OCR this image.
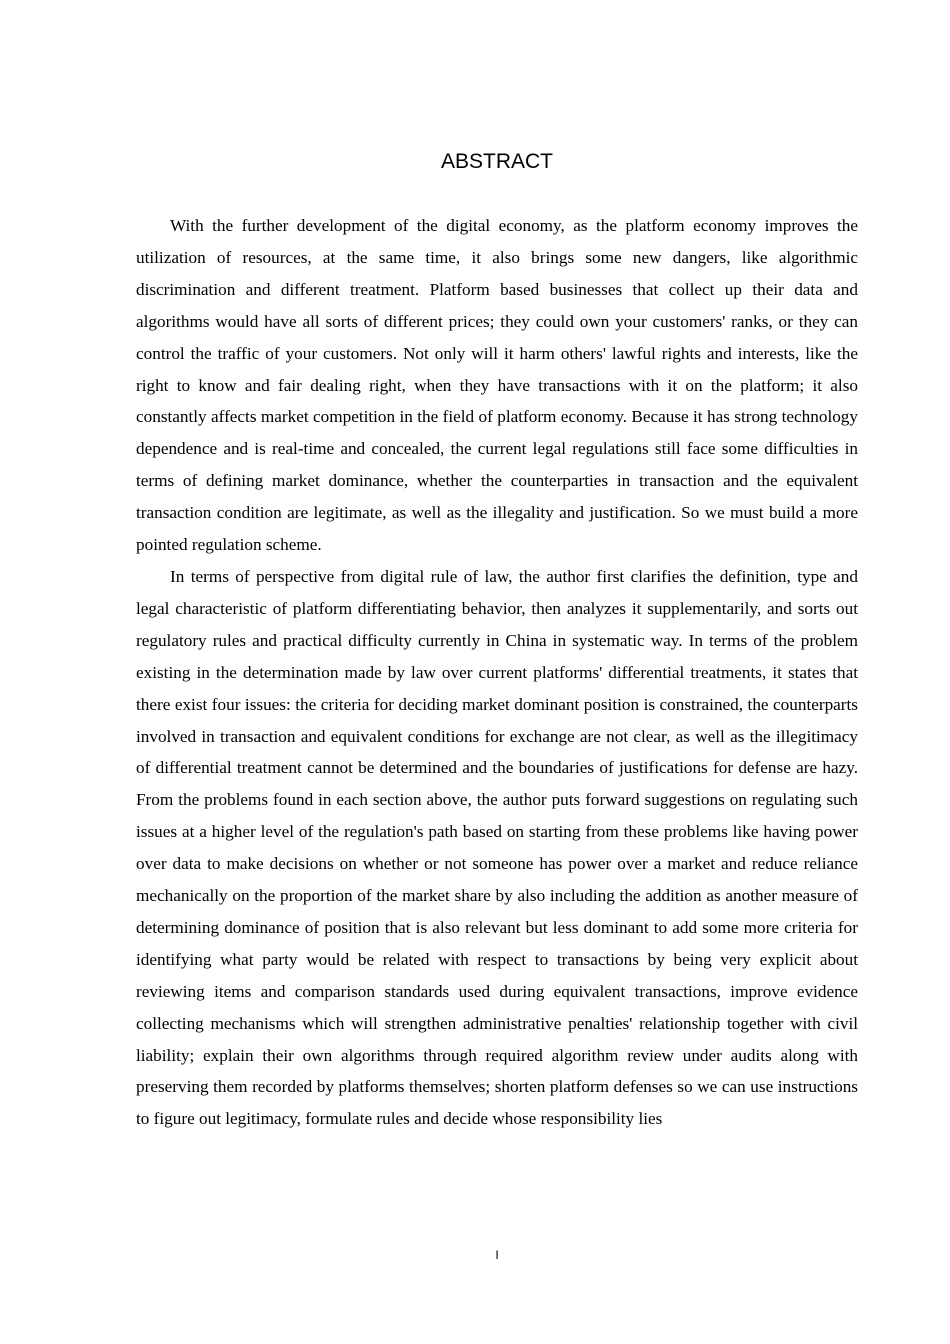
ABSTRACT

With the further development of the digital economy, as the platform economy improves the utilization of resources, at the same time, it also brings some new dangers, like algorithmic discrimination and different treatment. Platform based businesses that collect up their data and algorithms would have all sorts of different prices; they could own your customers' ranks, or they can control the traffic of your customers. Not only will it harm others' lawful rights and interests, like the right to know and fair dealing right, when they have transactions with it on the platform; it also constantly affects market competition in the field of platform economy. Because it has strong technology dependence and is real-time and concealed, the current legal regulations still face some difficulties in terms of defining market dominance, whether the counterparties in transaction and the equivalent transaction condition are legitimate, as well as the illegality and justification. So we must build a more pointed regulation scheme.

In terms of perspective from digital rule of law, the author first clarifies the definition, type and legal characteristic of platform differentiating behavior, then analyzes it supplementarily, and sorts out regulatory rules and practical difficulty currently in China in systematic way. In terms of the problem existing in the determination made by law over current platforms' differential treatments, it states that there exist four issues: the criteria for deciding market dominant position is constrained, the counterparts involved in transaction and equivalent conditions for exchange are not clear, as well as the illegitimacy of differential treatment cannot be determined and the boundaries of justifications for defense are hazy. From the problems found in each section above, the author puts forward suggestions on regulating such issues at a higher level of the regulation's path based on starting from these problems like having power over data to make decisions on whether or not someone has power over a market and reduce reliance mechanically on the proportion of the market share by also including the addition as another measure of determining dominance of position that is also relevant but less dominant to add some more criteria for identifying what party would be related with respect to transactions by being very explicit about reviewing items and comparison standards used during equivalent transactions, improve evidence collecting mechanisms which will strengthen administrative penalties' relationship together with civil liability; explain their own algorithms through required algorithm review under audits along with preserving them recorded by platforms themselves; shorten platform defenses so we can use instructions to figure out legitimacy, formulate rules and decide whose responsibility lies

I
